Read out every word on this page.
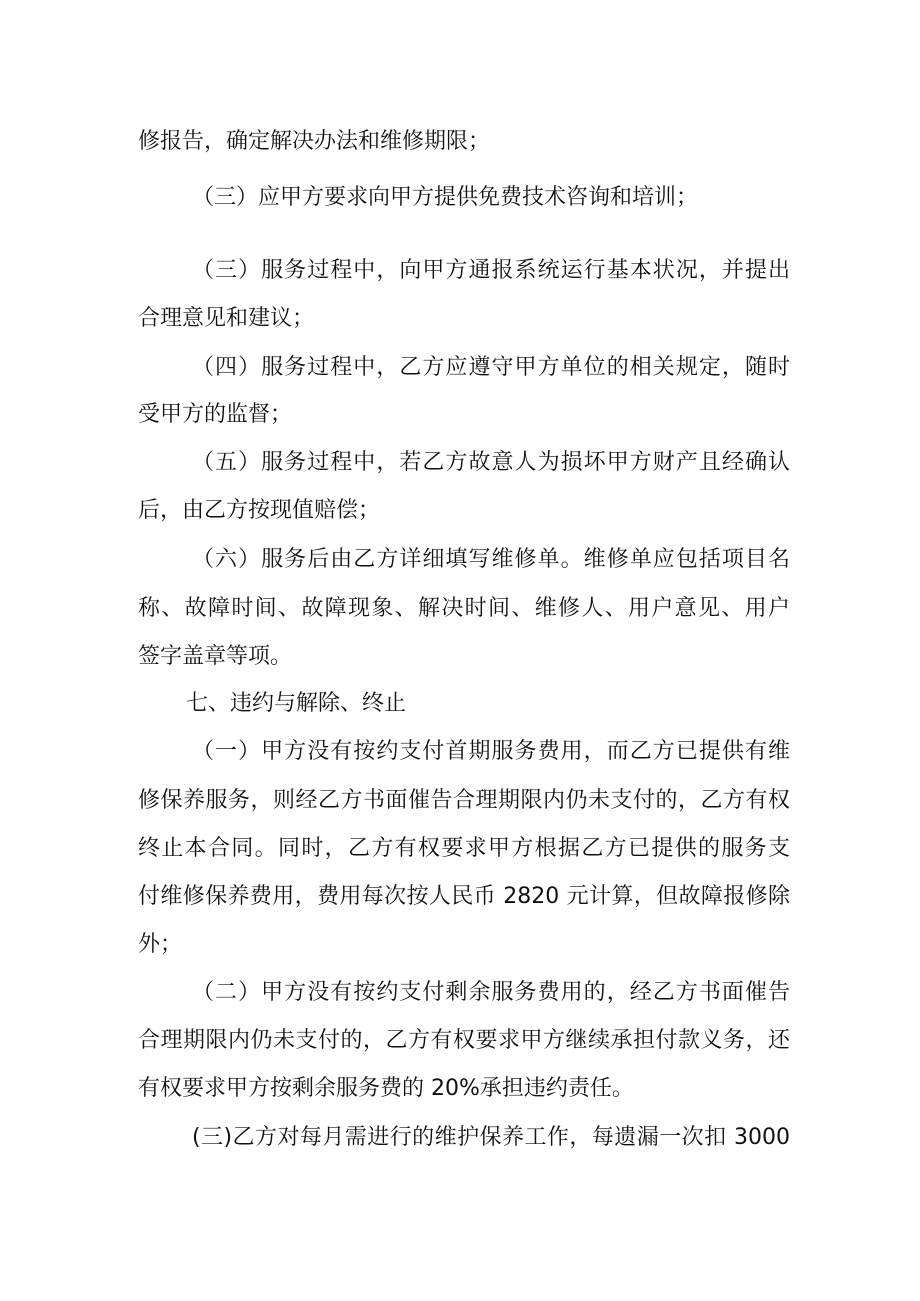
修报告，确定解决办法和维修期限；
（三）应甲方要求向甲方提供免费技术咨询和培训；
（三）服务过程中，向甲方通报系统运行基本状况，并提出
合理意见和建议；
（四）服务过程中，乙方应遵守甲方单位的相关规定，随时
受甲方的监督；
（五）服务过程中，若乙方故意人为损坏甲方财产且经确认
后，由乙方按现值赔偿；
（六）服务后由乙方详细填写维修单。维修单应包括项目名
称、故障时间、故障现象、解决时间、维修人、用户意见、用户
签字盖章等项。
七、违约与解除、终止
（一）甲方没有按约支付首期服务费用，而乙方已提供有维
修保养服务，则经乙方书面催告合理期限内仍未支付的，乙方有权
终止本合同。同时，乙方有权要求甲方根据乙方已提供的服务支
付维修保养费用，费用每次按人民币 2820 元计算，但故障报修除
外；
（二）甲方没有按约支付剩余服务费用的，经乙方书面催告
合理期限内仍未支付的，乙方有权要求甲方继续承担付款义务，还
有权要求甲方按剩余服务费的 20%承担违约责任。
(三)乙方对每月需进行的维护保养工作，每遗漏一次扣 3000
